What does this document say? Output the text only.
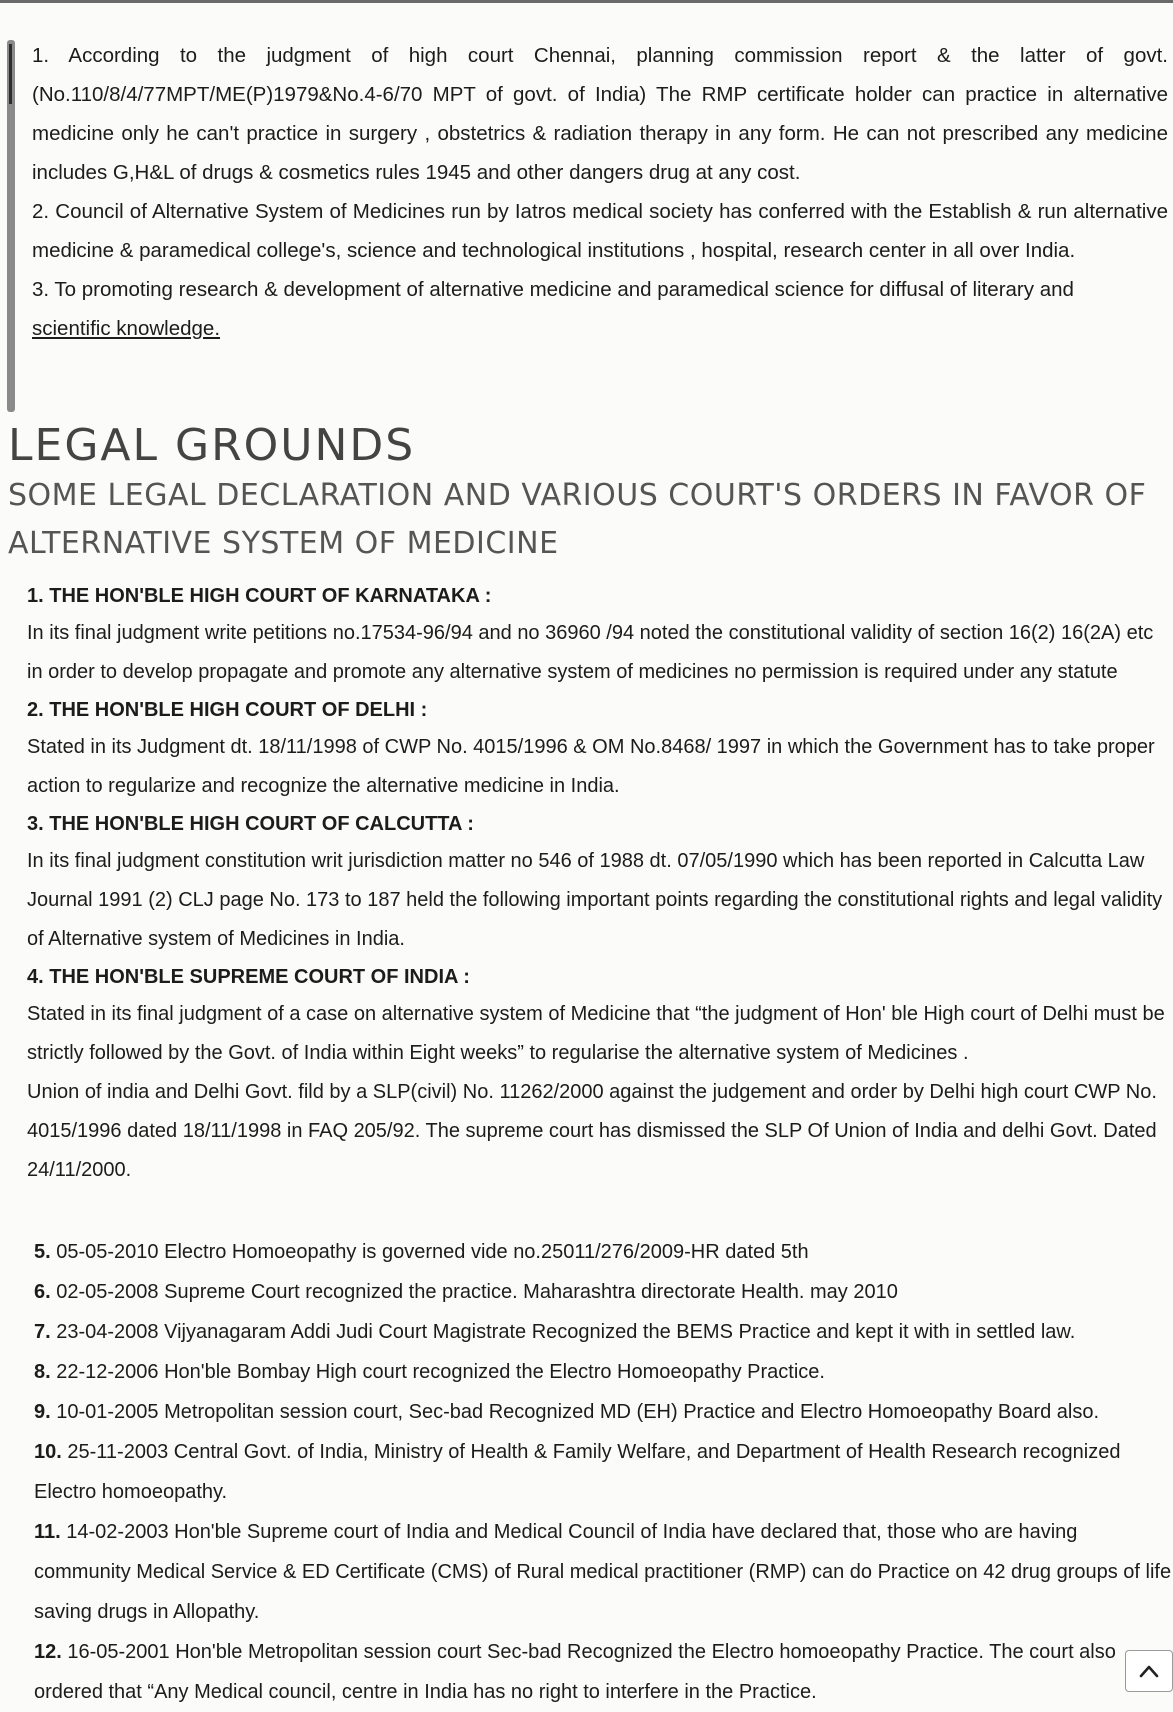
1. According to the judgment of high court Chennai, planning commission report & the latter of govt. (No.110/8/4/77MPT/ME(P)1979&No.4-6/70 MPT of govt. of India) The RMP certificate holder can practice in alternative medicine only he can't practice in surgery , obstetrics & radiation therapy in any form. He can not prescribed any medicine includes G,H&L of drugs & cosmetics rules 1945 and other dangers drug at any cost.

2. Council of Alternative System of Medicines run by Iatros medical society has conferred with the Establish & run alternative medicine & paramedical college's, science and technological institutions , hospital, research center in all over India.

3. To promoting research & development of alternative medicine and paramedical science for diffusal of literary and

scientific knowledge.

LEGAL GROUNDS
SOME LEGAL DECLARATION AND VARIOUS COURT'S ORDERS IN FAVOR OF
ALTERNATIVE SYSTEM OF MEDICINE

1. THE HON'BLE HIGH COURT OF KARNATAKA :

In its final judgment write petitions no.17534-96/94 and no 36960 /94 noted the constitutional validity of section 16(2) 16(2A) etc in order to develop propagate and promote any alternative system of medicines no permission is required under any statute

2. THE HON'BLE HIGH COURT OF DELHI :

Stated in its Judgment dt. 18/11/1998 of CWP No. 4015/1996 & OM No.8468/ 1997 in which the Government has to take proper action to regularize and recognize the alternative medicine in India.

3. THE HON'BLE HIGH COURT OF CALCUTTA :

In its final judgment constitution writ jurisdiction matter no 546 of 1988 dt. 07/05/1990 which has been reported in Calcutta Law Journal 1991 (2) CLJ page No. 173 to 187 held the following important points regarding the constitutional rights and legal validity of Alternative system of Medicines in India.

4. THE HON'BLE SUPREME COURT OF INDIA :

Stated in its final judgment of a case on alternative system of Medicine that “the judgment of Hon' ble High court of Delhi must be strictly followed by the Govt. of India within Eight weeks” to regularise the alternative system of Medicines .

Union of india and Delhi Govt. fild by a SLP(civil) No. 11262/2000 against the judgement and order by Delhi high court CWP No. 4015/1996 dated 18/11/1998 in FAQ 205/92. The supreme court has dismissed the SLP Of Union of India and delhi Govt. Dated 24/11/2000.

5. 05-05-2010 Electro Homoeopathy is governed vide no.25011/276/2009-HR dated 5th

6. 02-05-2008 Supreme Court recognized the practice. Maharashtra directorate Health. may 2010

7. 23-04-2008 Vijyanagaram Addi Judi Court Magistrate Recognized the BEMS Practice and kept it with in settled law.

8. 22-12-2006 Hon'ble Bombay High court recognized the Electro Homoeopathy Practice.

9. 10-01-2005 Metropolitan session court, Sec-bad Recognized MD (EH) Practice and Electro Homoeopathy Board also.

10. 25-11-2003 Central Govt. of India, Ministry of Health & Family Welfare, and Department of Health Research recognized Electro homoeopathy.

11. 14-02-2003 Hon'ble Supreme court of India and Medical Council of India have declared that, those who are having community Medical Service & ED Certificate (CMS) of Rural medical practitioner (RMP) can do Practice on 42 drug groups of life saving drugs in Allopathy.

12. 16-05-2001 Hon'ble Metropolitan session court Sec-bad Recognized the Electro homoeopathy Practice. The court also ordered that “Any Medical council, centre in India has no right to interfere in the Practice.
